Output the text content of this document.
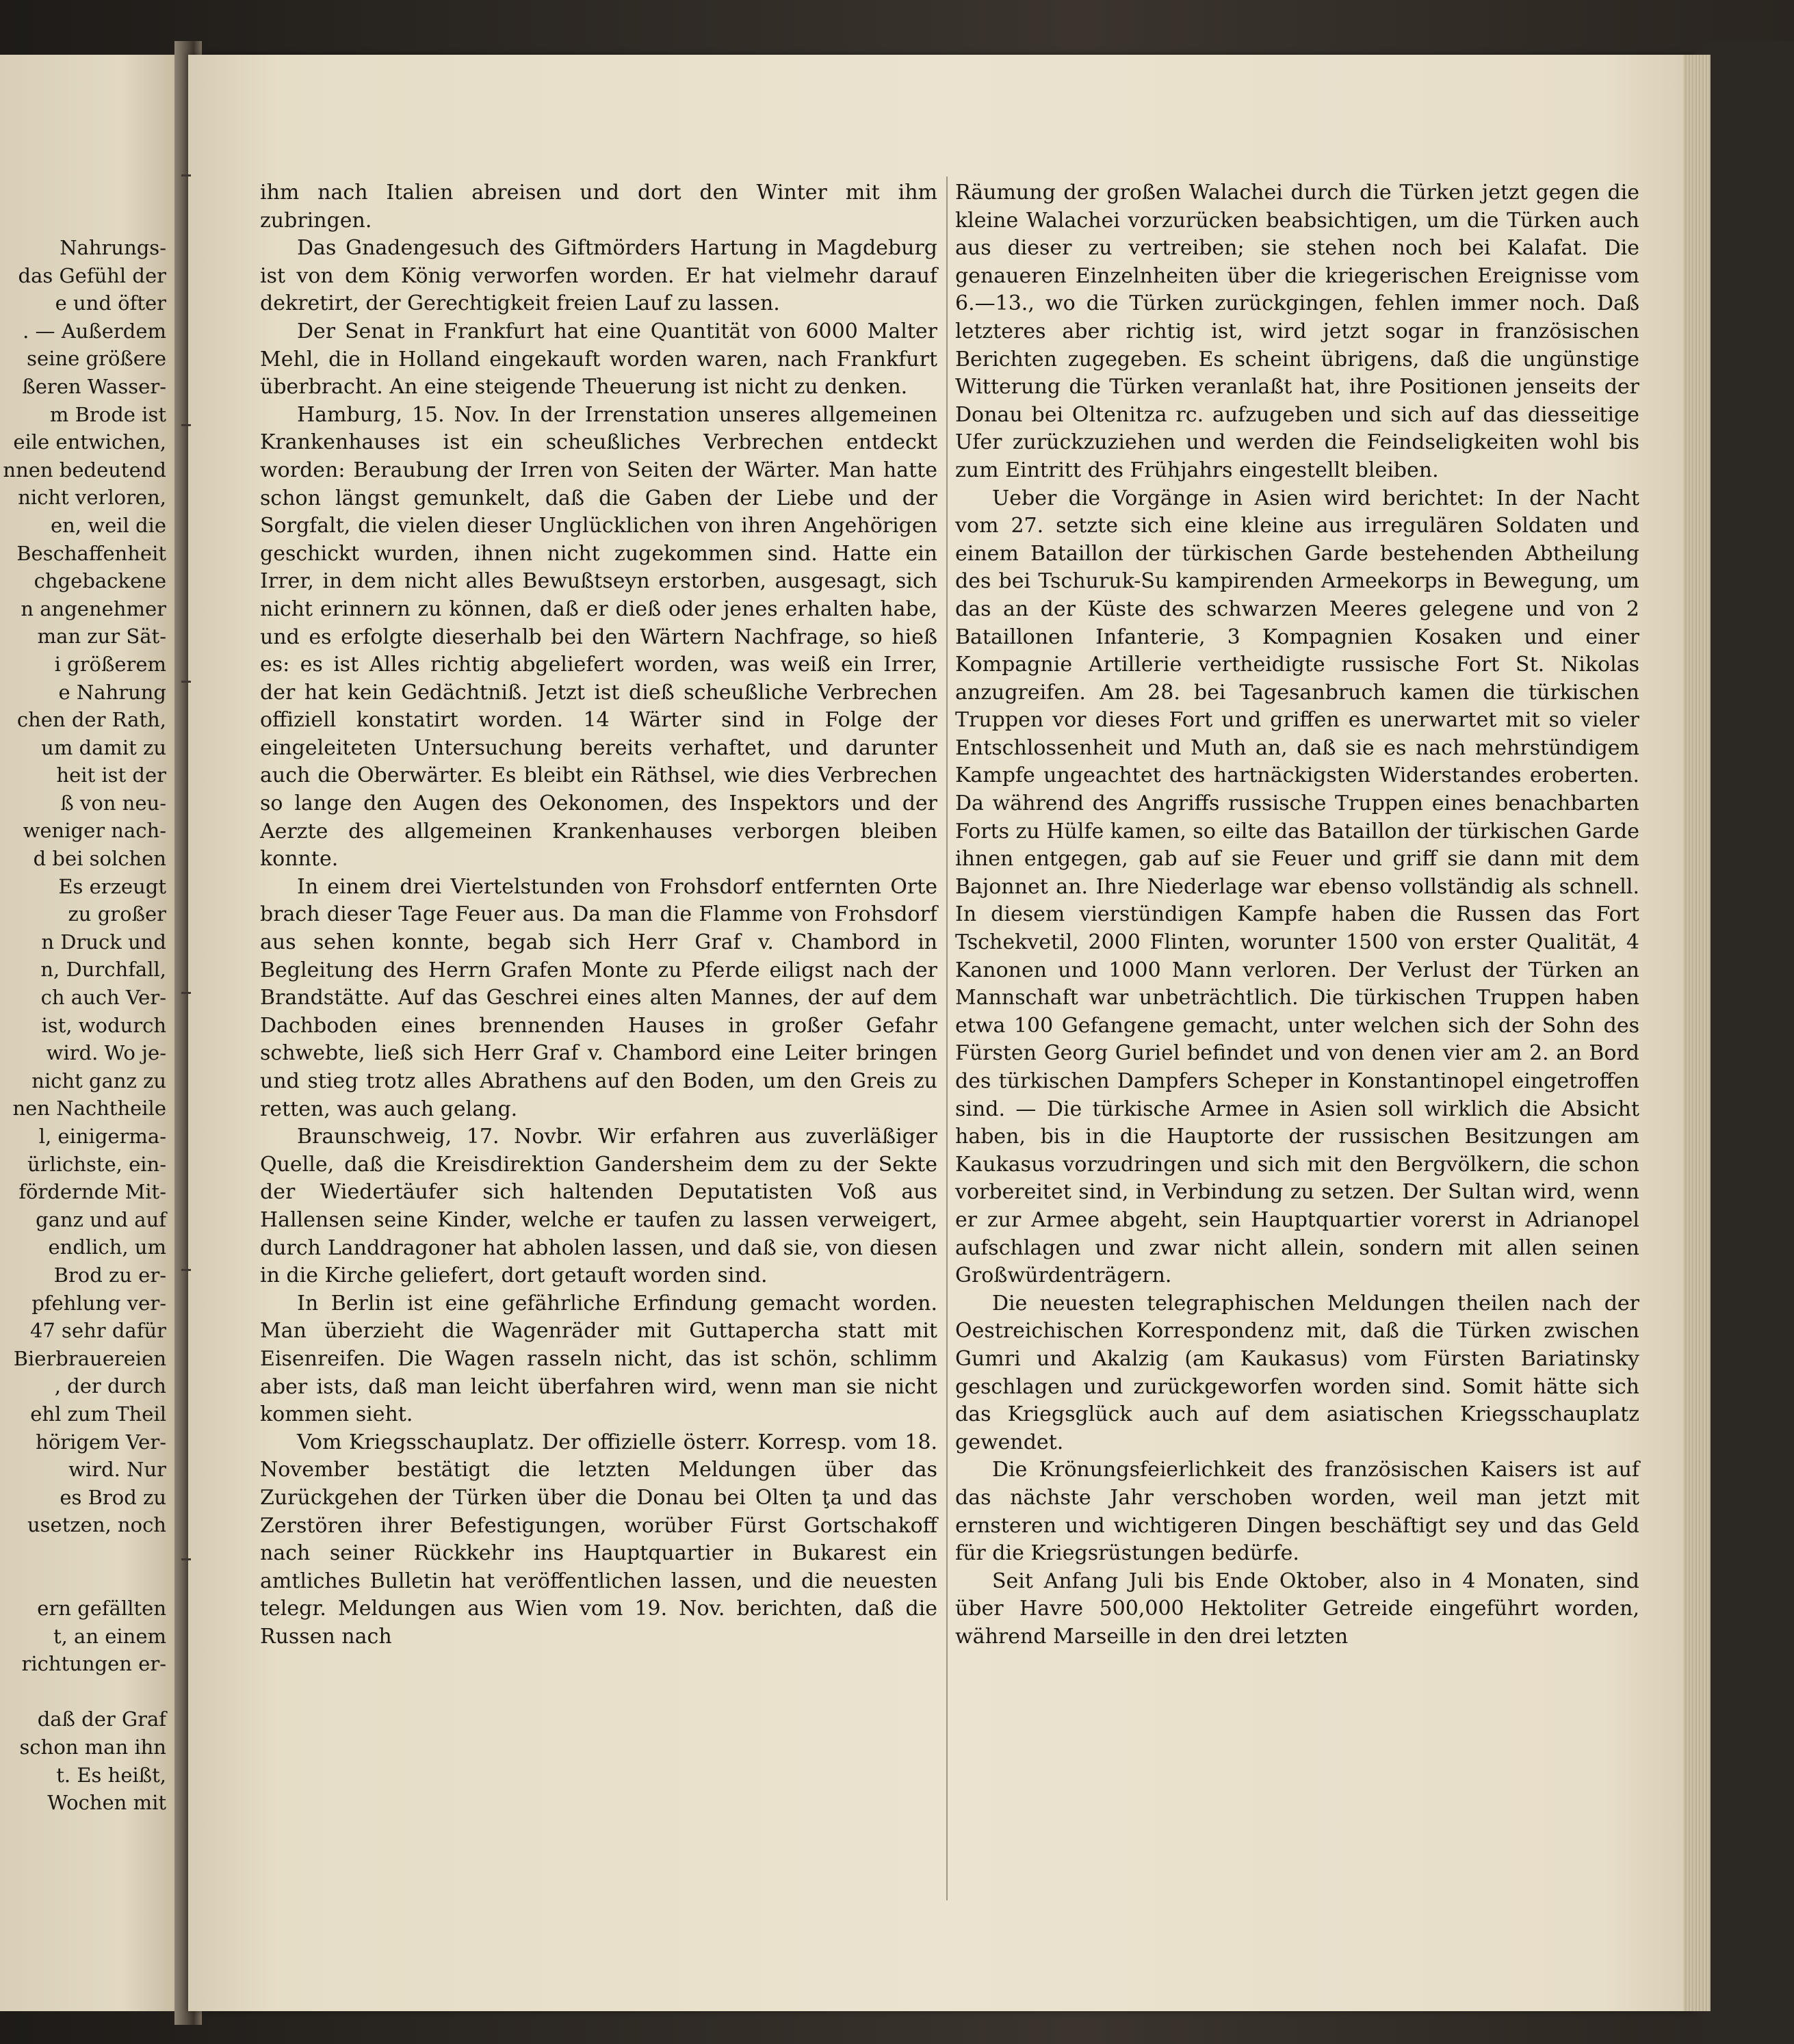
Nahrungs-
das Gefühl der
e und öfter
. — Außerdem
seine größere
ßeren Wasser-
m Brode ist
eile entwichen,
nnen bedeutend
nicht verloren,
en, weil die
Beschaffenheit
chgebackene
n angenehmer
man zur Sät-
i größerem
e Nahrung
chen der Rath,
um damit zu
heit ist der
ß von neu-
weniger nach-
d bei solchen
Es erzeugt
zu großer
n Druck und
n, Durchfall,
ch auch Ver-
ist, wodurch
wird. Wo je-
nicht ganz zu
nen Nachtheile
l, einigerma-
ürlichste, ein-
fördernde Mit-
ganz und auf
endlich, um
Brod zu er-
pfehlung ver-
47 sehr dafür
Bierbrauereien
, der durch
ehl zum Theil
hörigem Ver-
wird. Nur
es Brod zu
usetzen, noch

ern gefällten
t, an einem
richtungen er-

daß der Graf
schon man ihn
t. Es heißt,
Wochen mit

ihm nach Italien abreisen und dort den Winter mit ihm zubringen.

Das Gnadengesuch des Giftmörders Hartung in Magdeburg ist von dem König verworfen worden. Er hat vielmehr darauf dekretirt, der Gerechtigkeit freien Lauf zu lassen.

Der Senat in Frankfurt hat eine Quantität von 6000 Malter Mehl, die in Holland eingekauft worden waren, nach Frankfurt überbracht. An eine steigende Theuerung ist nicht zu denken.

Hamburg, 15. Nov. In der Irrenstation unseres allgemeinen Krankenhauses ist ein scheußliches Verbrechen entdeckt worden: Beraubung der Irren von Seiten der Wärter. Man hatte schon längst gemunkelt, daß die Gaben der Liebe und der Sorgfalt, die vielen dieser Unglücklichen von ihren Angehörigen geschickt wurden, ihnen nicht zugekommen sind. Hatte ein Irrer, in dem nicht alles Bewußtseyn erstorben, ausgesagt, sich nicht erinnern zu können, daß er dieß oder jenes erhalten habe, und es erfolgte dieserhalb bei den Wärtern Nachfrage, so hieß es: es ist Alles richtig abgeliefert worden, was weiß ein Irrer, der hat kein Gedächtniß. Jetzt ist dieß scheußliche Verbrechen offiziell konstatirt worden. 14 Wärter sind in Folge der eingeleiteten Untersuchung bereits verhaftet, und darunter auch die Oberwärter. Es bleibt ein Räthsel, wie dies Verbrechen so lange den Augen des Oekonomen, des Inspektors und der Aerzte des allgemeinen Krankenhauses verborgen bleiben konnte.

In einem drei Viertelstunden von Frohsdorf entfernten Orte brach dieser Tage Feuer aus. Da man die Flamme von Frohsdorf aus sehen konnte, begab sich Herr Graf v. Chambord in Begleitung des Herrn Grafen Monte zu Pferde eiligst nach der Brandstätte. Auf das Geschrei eines alten Mannes, der auf dem Dachboden eines brennenden Hauses in großer Gefahr schwebte, ließ sich Herr Graf v. Chambord eine Leiter bringen und stieg trotz alles Abrathens auf den Boden, um den Greis zu retten, was auch gelang.

Braunschweig, 17. Novbr. Wir erfahren aus zuverläßiger Quelle, daß die Kreisdirektion Gandersheim dem zu der Sekte der Wiedertäufer sich haltenden Deputatisten Voß aus Hallensen seine Kinder, welche er taufen zu lassen verweigert, durch Landdragoner hat abholen lassen, und daß sie, von diesen in die Kirche geliefert, dort getauft worden sind.

In Berlin ist eine gefährliche Erfindung gemacht worden. Man überzieht die Wagenräder mit Guttapercha statt mit Eisenreifen. Die Wagen rasseln nicht, das ist schön, schlimm aber ists, daß man leicht überfahren wird, wenn man sie nicht kommen sieht.

Vom Kriegsschauplatz. Der offizielle österr. Korresp. vom 18. November bestätigt die letzten Meldungen über das Zurückgehen der Türken über die Donau bei Olten ţa und das Zerstören ihrer Befestigungen, worüber Fürst Gortschakoff nach seiner Rückkehr ins Hauptquartier in Bukarest ein amtliches Bulletin hat veröffentlichen lassen, und die neuesten telegr. Meldungen aus Wien vom 19. Nov. berichten, daß die Russen nach

Räumung der großen Walachei durch die Türken jetzt gegen die kleine Walachei vorzurücken beabsichtigen, um die Türken auch aus dieser zu vertreiben; sie stehen noch bei Kalafat. Die genaueren Einzelnheiten über die kriegerischen Ereignisse vom 6.—13., wo die Türken zurückgingen, fehlen immer noch. Daß letzteres aber richtig ist, wird jetzt sogar in französischen Berichten zugegeben. Es scheint übrigens, daß die ungünstige Witterung die Türken veranlaßt hat, ihre Positionen jenseits der Donau bei Oltenitza rc. aufzugeben und sich auf das diesseitige Ufer zurückzuziehen und werden die Feindseligkeiten wohl bis zum Eintritt des Frühjahrs eingestellt bleiben.

Ueber die Vorgänge in Asien wird berichtet: In der Nacht vom 27. setzte sich eine kleine aus irregulären Soldaten und einem Bataillon der türkischen Garde bestehenden Abtheilung des bei Tschuruk-Su kampirenden Armeekorps in Bewegung, um das an der Küste des schwarzen Meeres gelegene und von 2 Bataillonen Infanterie, 3 Kompagnien Kosaken und einer Kompagnie Artillerie vertheidigte russische Fort St. Nikolas anzugreifen. Am 28. bei Tagesanbruch kamen die türkischen Truppen vor dieses Fort und griffen es unerwartet mit so vieler Entschlossenheit und Muth an, daß sie es nach mehrstündigem Kampfe ungeachtet des hartnäckigsten Widerstandes eroberten. Da während des Angriffs russische Truppen eines benachbarten Forts zu Hülfe kamen, so eilte das Bataillon der türkischen Garde ihnen entgegen, gab auf sie Feuer und griff sie dann mit dem Bajonnet an. Ihre Niederlage war ebenso vollständig als schnell. In diesem vierstündigen Kampfe haben die Russen das Fort Tschekvetil, 2000 Flinten, worunter 1500 von erster Qualität, 4 Kanonen und 1000 Mann verloren. Der Verlust der Türken an Mannschaft war unbeträchtlich. Die türkischen Truppen haben etwa 100 Gefangene gemacht, unter welchen sich der Sohn des Fürsten Georg Guriel befindet und von denen vier am 2. an Bord des türkischen Dampfers Scheper in Konstantinopel eingetroffen sind. — Die türkische Armee in Asien soll wirklich die Absicht haben, bis in die Hauptorte der russischen Besitzungen am Kaukasus vorzudringen und sich mit den Bergvölkern, die schon vorbereitet sind, in Verbindung zu setzen. Der Sultan wird, wenn er zur Armee abgeht, sein Hauptquartier vorerst in Adrianopel aufschlagen und zwar nicht allein, sondern mit allen seinen Großwürdenträgern.

Die neuesten telegraphischen Meldungen theilen nach der Oestreichischen Korrespondenz mit, daß die Türken zwischen Gumri und Akalzig (am Kaukasus) vom Fürsten Bariatinsky geschlagen und zurückgeworfen worden sind. Somit hätte sich das Kriegsglück auch auf dem asiatischen Kriegsschauplatz gewendet.

Die Krönungsfeierlichkeit des französischen Kaisers ist auf das nächste Jahr verschoben worden, weil man jetzt mit ernsteren und wichtigeren Dingen beschäftigt sey und das Geld für die Kriegsrüstungen bedürfe.

Seit Anfang Juli bis Ende Oktober, also in 4 Monaten, sind über Havre 500,000 Hektoliter Getreide eingeführt worden, während Marseille in den drei letzten
